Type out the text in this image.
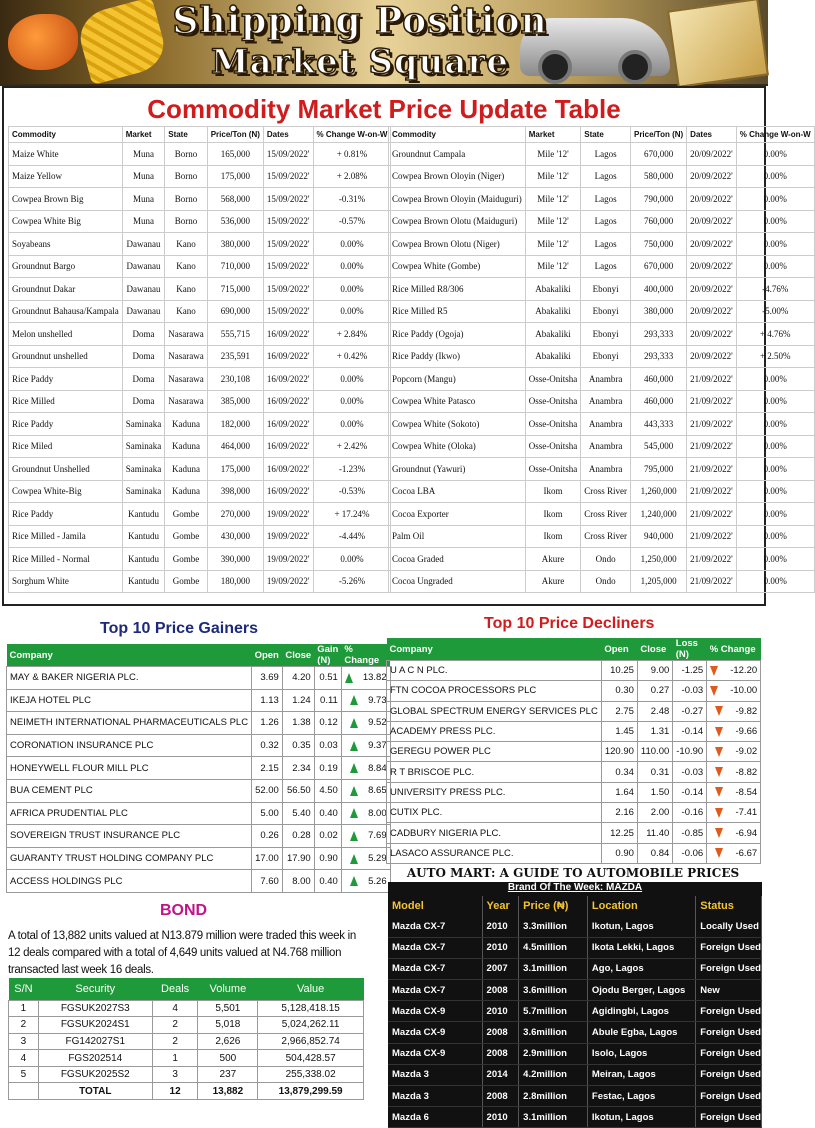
Shipping Position
Market Square
Commodity Market Price Update Table
Commodity	Market	State	Price/Ton (N)	Dates	% Change W-on-W
Maize White	Muna	Borno	165,000	15/09/2022'	+ 0.81%
Maize Yellow	Muna	Borno	175,000	15/09/2022'	+ 2.08%
Cowpea Brown Big	Muna	Borno	568,000	15/09/2022'	-0.31%
Cowpea White Big	Muna	Borno	536,000	15/09/2022'	-0.57%
Soyabeans	Dawanau	Kano	380,000	15/09/2022'	0.00%
Groundnut Bargo	Dawanau	Kano	710,000	15/09/2022'	0.00%
Groundnut Dakar	Dawanau	Kano	715,000	15/09/2022'	0.00%
Groundnut Bahausa/Kampala	Dawanau	Kano	690,000	15/09/2022'	0.00%
Melon unshelled	Doma	Nasarawa	555,715	16/09/2022'	+ 2.84%
Groundnut unshelled	Doma	Nasarawa	235,591	16/09/2022'	+ 0.42%
Rice Paddy	Doma	Nasarawa	230,108	16/09/2022'	0.00%
Rice Milled	Doma	Nasarawa	385,000	16/09/2022'	0.00%
Rice Paddy	Saminaka	Kaduna	182,000	16/09/2022'	0.00%
Rice Miled	Saminaka	Kaduna	464,000	16/09/2022'	+ 2.42%
Groundnut Unshelled	Saminaka	Kaduna	175,000	16/09/2022'	-1.23%
Cowpea White-Big	Saminaka	Kaduna	398,000	16/09/2022'	-0.53%
Rice Paddy	Kantudu	Gombe	270,000	19/09/2022'	+ 17.24%
Rice Milled - Jamila	Kantudu	Gombe	430,000	19/09/2022'	-4.44%
Rice Milled - Normal	Kantudu	Gombe	390,000	19/09/2022'	0.00%
Sorghum White	Kantudu	Gombe	180,000	19/09/2022'	-5.26%
Commodity	Market	State	Price/Ton (N)	Dates	% Change W-on-W
Groundnut Campala	Mile '12'	Lagos	670,000	20/09/2022'	0.00%
Cowpea Brown Oloyin (Niger)	Mile '12'	Lagos	580,000	20/09/2022'	0.00%
Cowpea Brown Oloyin (Maiduguri)	Mile '12'	Lagos	790,000	20/09/2022'	0.00%
Cowpea Brown Olotu (Maiduguri)	Mile '12'	Lagos	760,000	20/09/2022'	0.00%
Cowpea Brown Olotu (Niger)	Mile '12'	Lagos	750,000	20/09/2022'	0.00%
Cowpea White (Gombe)	Mile '12'	Lagos	670,000	20/09/2022'	0.00%
Rice Milled R8/306	Abakaliki	Ebonyi	400,000	20/09/2022'	-4.76%
Rice Milled R5	Abakaliki	Ebonyi	380,000	20/09/2022'	-5.00%
Rice Paddy (Ogoja)	Abakaliki	Ebonyi	293,333	20/09/2022'	+ 4.76%
Rice Paddy (Ikwo)	Abakaliki	Ebonyi	293,333	20/09/2022'	+ 2.50%
Popcorn (Mangu)	Osse-Onitsha	Anambra	460,000	21/09/2022'	0.00%
Cowpea White Patasco	Osse-Onitsha	Anambra	460,000	21/09/2022'	0.00%
Cowpea White (Sokoto)	Osse-Onitsha	Anambra	443,333	21/09/2022'	0.00%
Cowpea White (Oloka)	Osse-Onitsha	Anambra	545,000	21/09/2022'	0.00%
Groundnut (Yawuri)	Osse-Onitsha	Anambra	795,000	21/09/2022'	0.00%
Cocoa LBA	Ikom	Cross River	1,260,000	21/09/2022'	0.00%
Cocoa Exporter	Ikom	Cross River	1,240,000	21/09/2022'	0.00%
Palm Oil	Ikom	Cross River	940,000	21/09/2022'	0.00%
Cocoa Graded	Akure	Ondo	1,250,000	21/09/2022'	0.00%
Cocoa Ungraded	Akure	Ondo	1,205,000	21/09/2022'	0.00%
Top 10 Price Gainers
Company	Open	Close	Gain (N)	% Change
MAY & BAKER NIGERIA PLC.	3.69	4.20	0.51	13.82
IKEJA HOTEL PLC	1.13	1.24	0.11	9.73
NEIMETH INTERNATIONAL PHARMACEUTICALS PLC	1.26	1.38	0.12	9.52
CORONATION INSURANCE PLC	0.32	0.35	0.03	9.37
HONEYWELL FLOUR MILL PLC	2.15	2.34	0.19	8.84
BUA CEMENT PLC	52.00	56.50	4.50	8.65
AFRICA PRUDENTIAL PLC	5.00	5.40	0.40	8.00
SOVEREIGN TRUST INSURANCE PLC	0.26	0.28	0.02	7.69
GUARANTY TRUST HOLDING COMPANY PLC	17.00	17.90	0.90	5.29
ACCESS HOLDINGS PLC	7.60	8.00	0.40	5.26
Top 10 Price Decliners
Company	Open	Close	Loss (N)	% Change
U A C N PLC.	10.25	9.00	-1.25	-12.20
FTN COCOA PROCESSORS PLC	0.30	0.27	-0.03	-10.00
GLOBAL SPECTRUM ENERGY SERVICES PLC	2.75	2.48	-0.27	-9.82
ACADEMY PRESS PLC.	1.45	1.31	-0.14	-9.66
GEREGU POWER PLC	120.90	110.00	-10.90	-9.02
R T BRISCOE PLC.	0.34	0.31	-0.03	-8.82
UNIVERSITY PRESS PLC.	1.64	1.50	-0.14	-8.54
CUTIX PLC.	2.16	2.00	-0.16	-7.41
CADBURY NIGERIA PLC.	12.25	11.40	-0.85	-6.94
LASACO ASSURANCE PLC.	0.90	0.84	-0.06	-6.67
BOND
A total of 13,882 units valued at N13.879 million were traded this week in 12 deals compared with a total of 4,649 units valued at N4.768 million transacted last week 16 deals.
S/N	Security	Deals	Volume	Value
1	FGSUK2027S3	4	5,501	5,128,418.15
2	FGSUK2024S1	2	5,018	5,024,262.11
3	FG142027S1	2	2,626	2,966,852.74
4	FGS202514	1	500	504,428.57
5	FGSUK2025S2	3	237	255,338.02
	TOTAL	12	13,882	13,879,299.59
AUTO MART: A GUIDE TO AUTOMOBILE PRICES
Brand Of The Week: MAZDA
Model	Year	Price (₦)	Location	Status
Mazda CX-7	2010	3.3million	Ikotun, Lagos	Locally Used
Mazda CX-7	2010	4.5million	Ikota Lekki, Lagos	Foreign Used
Mazda CX-7	2007	3.1million	Ago, Lagos	Foreign Used
Mazda CX-7	2008	3.6million	Ojodu Berger, Lagos	New
Mazda CX-9	2010	5.7million	Agidingbi, Lagos	Foreign Used
Mazda CX-9	2008	3.6million	Abule Egba, Lagos	Foreign Used
Mazda CX-9	2008	2.9million	Isolo, Lagos	Foreign Used
Mazda 3	2014	4.2million	Meiran, Lagos	Foreign Used
Mazda 3	2008	2.8million	Festac, Lagos	Foreign Used
Mazda 6	2010	3.1million	Ikotun, Lagos	Foreign Used
